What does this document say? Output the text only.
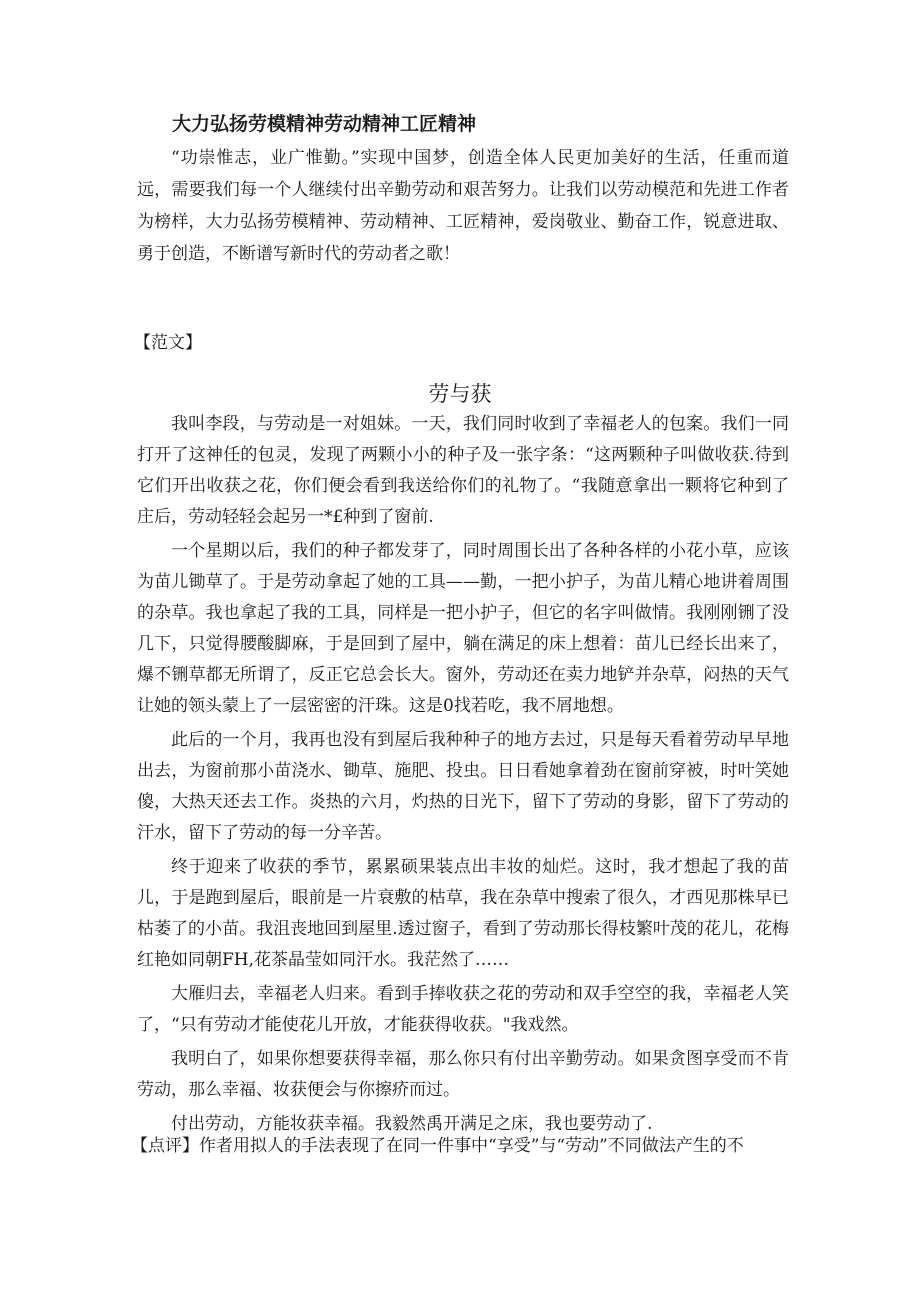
大力弘扬劳模精神劳动精神工匠精神

“功崇惟志，业广惟勤。”实现中国梦，创造全体人民更加美好的生活，任重而道远，需要我们每一个人继续付出辛勤劳动和艰苦努力。让我们以劳动模范和先进工作者为榜样，大力弘扬劳模精神、劳动精神、工匠精神，爱岗敬业、勤奋工作，锐意进取、勇于创造，不断谱写新时代的劳动者之歌！

【范文】
劳与获

我叫李段，与劳动是一对姐妹。一天，我们同时收到了幸福老人的包案。我们一同打开了这神任的包灵，发现了两颗小小的种子及一张字条：“这两颗种子叫做收获.待到它们开出收获之花，你们便会看到我送给你们的礼物了。“我随意拿出一颗将它种到了庄后，劳动轻轻会起另一*£种到了窗前.

一个星期以后，我们的种子都发芽了，同时周围长出了各种各样的小花小草，应该为苗儿锄草了。于是劳动拿起了她的工具——勤，一把小护子，为苗儿精心地讲着周围的杂草。我也拿起了我的工具，同样是一把小护子，但它的名字叫做情。我刚刚铏了没几下，只觉得腰酸脚麻，于是回到了屋中，躺在满足的床上想着：苗儿已经长出来了，爆不铏草都无所谓了，反正它总会长大。窗外，劳动还在卖力地铲并杂草，闷热的天气让她的领头蒙上了一层密密的汗珠。这是0找若吃，我不屑地想。

此后的一个月，我再也没有到屋后我种种子的地方去过，只是每天看着劳动早早地出去，为窗前那小苗浇水、锄草、施肥、投虫。日日看她拿着劲在窗前穿被，时叶笑她傻，大热天还去工作。炎热的六月，灼热的日光下，留下了劳动的身影，留下了劳动的汗水，留下了劳动的每一分辛苦。

终于迎来了收获的季节，累累硕果装点出丰妆的灿烂。这时，我才想起了我的苗儿，于是跑到屋后，眼前是一片衰敷的枯草，我在杂草中搜索了很久，才西见那株早已枯萎了的小苗。我沮丧地回到屋里.透过窗子，看到了劳动那长得枝繁叶茂的花儿，花梅红艳如同朝FH,花茶晶莹如同汗水。我茫然了……

大雁归去，幸福老人归来。看到手捧收获之花的劳动和双手空空的我，幸福老人笑了，“只有劳动才能使花儿开放，才能获得收获。"我戏然。

我明白了，如果你想要获得幸福，那么你只有付出辛勤劳动。如果贪图享受而不肯劳动，那么幸福、妆获便会与你擦疥而过。

付出劳动，方能妆获幸福。我毅然禹开满足之床，我也要劳动了.

【点评】作者用拟人的手法表现了在同一件事中“享受”与“劳动”不同做法产生的不
